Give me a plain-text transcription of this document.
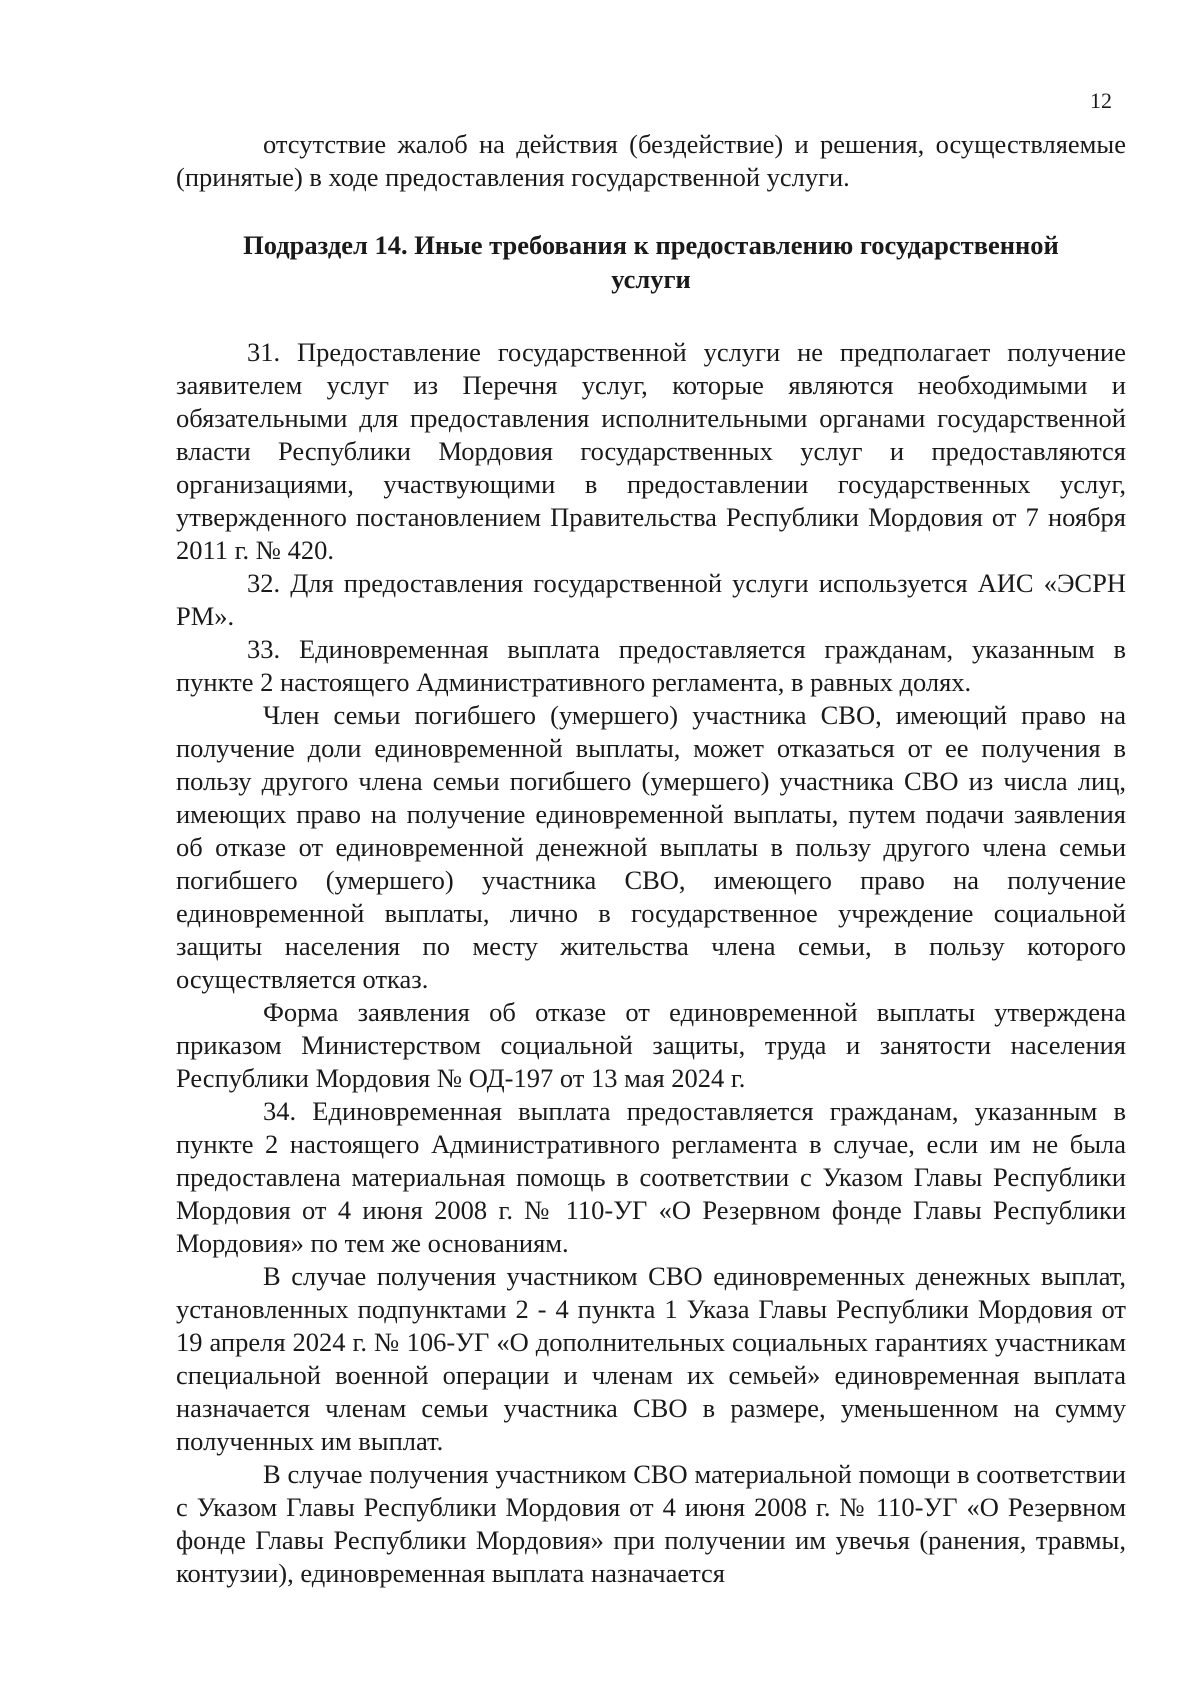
12

отсутствие жалоб на действия (бездействие) и решения, осуществляемые (принятые) в ходе предоставления государственной услуги.

Подраздел 14. Иные требования к предоставлению государственной услуги

31. Предоставление государственной услуги не предполагает получение заявителем услуг из Перечня услуг, которые являются необходимыми и обязательными для предоставления исполнительными органами государственной власти Республики Мордовия государственных услуг и предоставляются организациями, участвующими в предоставлении государственных услуг, утвержденного постановлением Правительства Республики Мордовия от 7 ноября 2011 г. № 420.

32. Для предоставления государственной услуги используется АИС «ЭСРН РМ».

33. Единовременная выплата предоставляется гражданам, указанным в пункте 2 настоящего Административного регламента, в равных долях.

Член семьи погибшего (умершего) участника СВО, имеющий право на получение доли единовременной выплаты, может отказаться от ее получения в пользу другого члена семьи погибшего (умершего) участника СВО из числа лиц, имеющих право на получение единовременной выплаты, путем подачи заявления об отказе от единовременной денежной выплаты в пользу другого члена семьи погибшего (умершего) участника СВО, имеющего право на получение единовременной выплаты, лично в государственное учреждение социальной защиты населения по месту жительства члена семьи, в пользу которого осуществляется отказ.

Форма заявления об отказе от единовременной выплаты утверждена приказом Министерством социальной защиты, труда и занятости населения Республики Мордовия № ОД-197 от 13 мая 2024 г.

34. Единовременная выплата предоставляется гражданам, указанным в пункте 2 настоящего Административного регламента в случае, если им не была предоставлена материальная помощь в соответствии с Указом Главы Республики Мордовия от 4 июня 2008 г. № 110-УГ «О Резервном фонде Главы Республики Мордовия» по тем же основаниям.

В случае получения участником СВО единовременных денежных выплат, установленных подпунктами 2 - 4 пункта 1 Указа Главы Республики Мордовия от 19 апреля 2024 г. № 106-УГ «О дополнительных социальных гарантиях участникам специальной военной операции и членам их семьей» единовременная выплата назначается членам семьи участника СВО в размере, уменьшенном на сумму полученных им выплат.

В случае получения участником СВО материальной помощи в соответствии с Указом Главы Республики Мордовия от 4 июня 2008 г. № 110-УГ «О Резервном фонде Главы Республики Мордовия» при получении им увечья (ранения, травмы, контузии), единовременная выплата назначается
